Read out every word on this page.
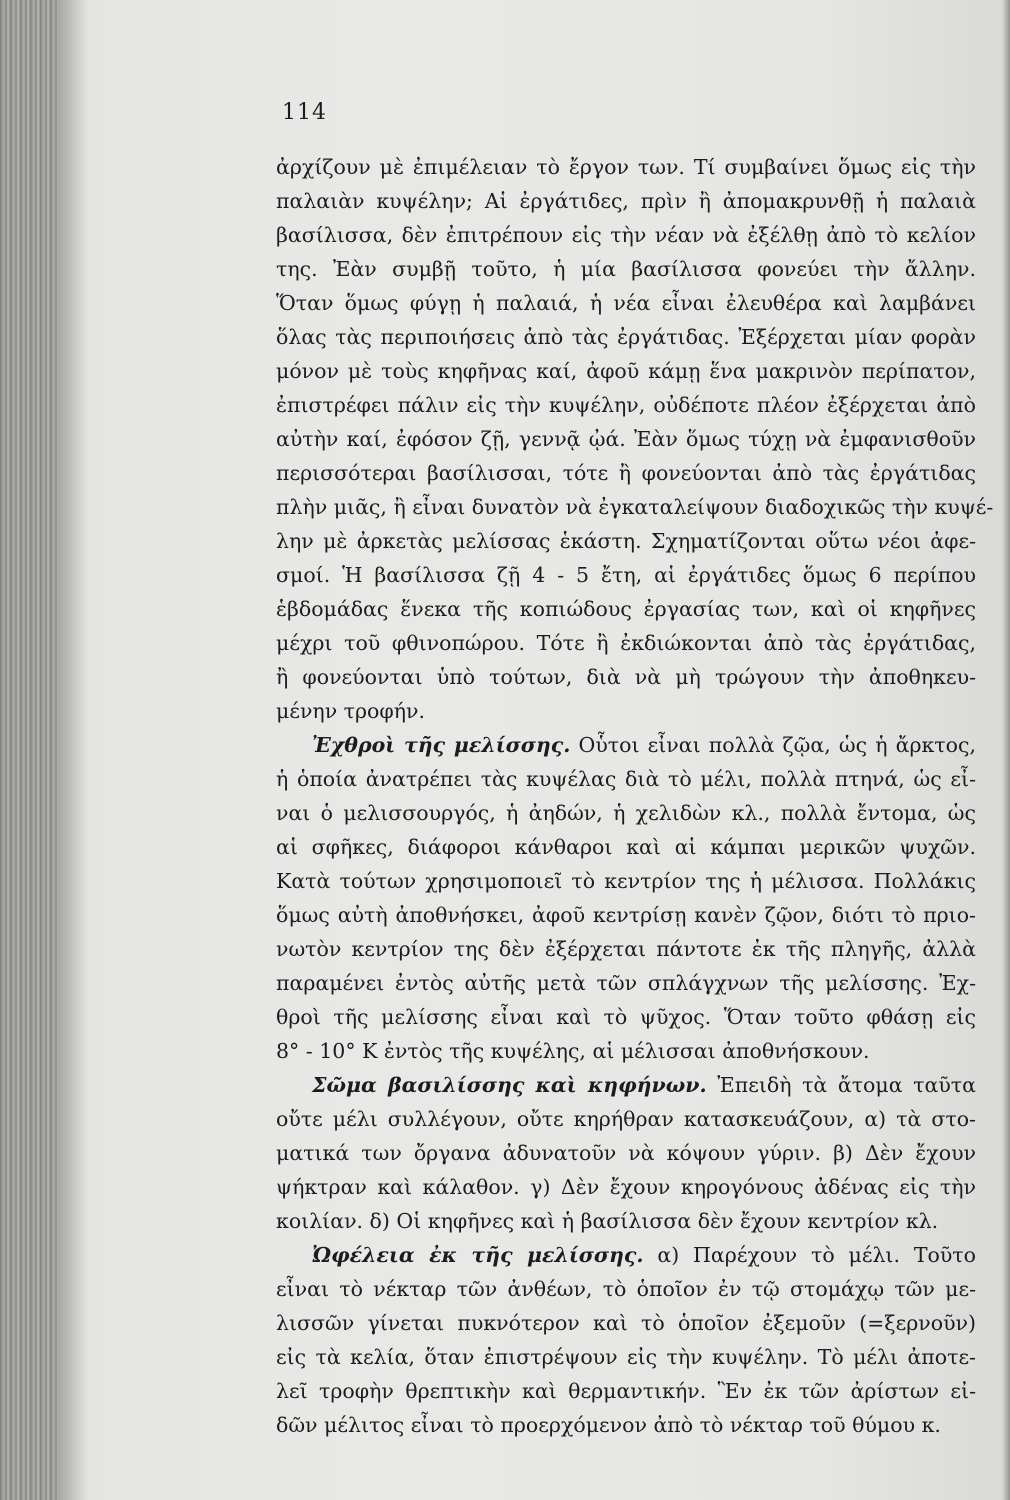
114

ἀρχίζουν μὲ ἐπιμέλειαν τὸ ἔργον των. Τί συμβαίνει ὅμως εἰς τὴν
παλαιὰν κυψέλην; Αἱ ἐργάτιδες, πρὶν ἢ ἀπομακρυνθῇ ἡ παλαιὰ
βασίλισσα, δὲν ἐπιτρέπουν εἰς τὴν νέαν νὰ ἐξέλθῃ ἀπὸ τὸ κελίον
της. Ἐὰν συμβῇ τοῦτο, ἡ μία βασίλισσα φονεύει τὴν ἄλλην.
Ὅταν ὅμως φύγῃ ἡ παλαιά, ἡ νέα εἶναι ἐλευθέρα καὶ λαμβάνει
ὅλας τὰς περιποιήσεις ἀπὸ τὰς ἐργάτιδας. Ἐξέρχεται μίαν φορὰν
μόνον μὲ τοὺς κηφῆνας καί, ἀφοῦ κάμῃ ἕνα μακρινὸν περίπατον,
ἐπιστρέφει πάλιν εἰς τὴν κυψέλην, οὐδέποτε πλέον ἐξέρχεται ἀπὸ
αὐτὴν καί, ἐφόσον ζῇ, γεννᾷ ᾠά. Ἐὰν ὅμως τύχῃ νὰ ἐμφανισθοῦν
περισσότεραι βασίλισσαι, τότε ἢ φονεύονται ἀπὸ τὰς ἐργάτιδας
πλὴν μιᾶς, ἢ εἶναι δυνατὸν νὰ ἐγκαταλείψουν διαδοχικῶς τὴν κυψέ-
λην μὲ ἀρκετὰς μελίσσας ἑκάστη. Σχηματίζονται οὕτω νέοι ἀφε-
σμοί. Ἡ βασίλισσα ζῇ 4 - 5 ἔτη, αἱ ἐργάτιδες ὅμως 6 περίπου
ἑβδομάδας ἕνεκα τῆς κοπιώδους ἐργασίας των, καὶ οἱ κηφῆνες
μέχρι τοῦ φθινοπώρου. Τότε ἢ ἐκδιώκονται ἀπὸ τὰς ἐργάτιδας,
ἢ φονεύονται ὑπὸ τούτων, διὰ νὰ μὴ τρώγουν τὴν ἀποθηκευ-
μένην τροφήν.

Ἐχθροὶ τῆς μελίσσης. Οὗτοι εἶναι πολλὰ ζῷα, ὡς ἡ ἄρκτος,
ἡ ὁποία ἀνατρέπει τὰς κυψέλας διὰ τὸ μέλι, πολλὰ πτηνά, ὡς εἶ-
ναι ὁ μελισσουργός, ἡ ἀηδών, ἡ χελιδὼν κλ., πολλὰ ἔντομα, ὡς
αἱ σφῆκες, διάφοροι κάνθαροι καὶ αἱ κάμπαι μερικῶν ψυχῶν.
Κατὰ τούτων χρησιμοποιεῖ τὸ κεντρίον της ἡ μέλισσα. Πολλάκις
ὅμως αὐτὴ ἀποθνήσκει, ἀφοῦ κεντρίσῃ κανὲν ζῷον, διότι τὸ πριο-
νωτὸν κεντρίον της δὲν ἐξέρχεται πάντοτε ἐκ τῆς πληγῆς, ἀλλὰ
παραμένει ἐντὸς αὐτῆς μετὰ τῶν σπλάγχνων τῆς μελίσσης. Ἐχ-
θροὶ τῆς μελίσσης εἶναι καὶ τὸ ψῦχος. Ὅταν τοῦτο φθάσῃ εἰς
8° - 10° Κ ἐντὸς τῆς κυψέλης, αἱ μέλισσαι ἀποθνήσκουν.

Σῶμα βασιλίσσης καὶ κηφήνων. Ἐπειδὴ τὰ ἄτομα ταῦτα
οὔτε μέλι συλλέγουν, οὔτε κηρήθραν κατασκευάζουν, α) τὰ στο-
ματικά των ὄργανα ἀδυνατοῦν νὰ κόψουν γύριν. β) Δὲν ἔχουν
ψήκτραν καὶ κάλαθον. γ) Δὲν ἔχουν κηρογόνους ἀδένας εἰς τὴν
κοιλίαν. δ) Οἱ κηφῆνες καὶ ἡ βασίλισσα δὲν ἔχουν κεντρίον κλ.

Ὠφέλεια ἐκ τῆς μελίσσης. α) Παρέχουν τὸ μέλι. Τοῦτο
εἶναι τὸ νέκταρ τῶν ἀνθέων, τὸ ὁποῖον ἐν τῷ στομάχῳ τῶν με-
λισσῶν γίνεται πυκνότερον καὶ τὸ ὁποῖον ἐξεμοῦν (=ξερνοῦν)
εἰς τὰ κελία, ὅταν ἐπιστρέψουν εἰς τὴν κυψέλην. Τὸ μέλι ἀποτε-
λεῖ τροφὴν θρεπτικὴν καὶ θερμαντικήν. Ἓν ἐκ τῶν ἀρίστων εἰ-
δῶν μέλιτος εἶναι τὸ προερχόμενον ἀπὸ τὸ νέκταρ τοῦ θύμου κ.
